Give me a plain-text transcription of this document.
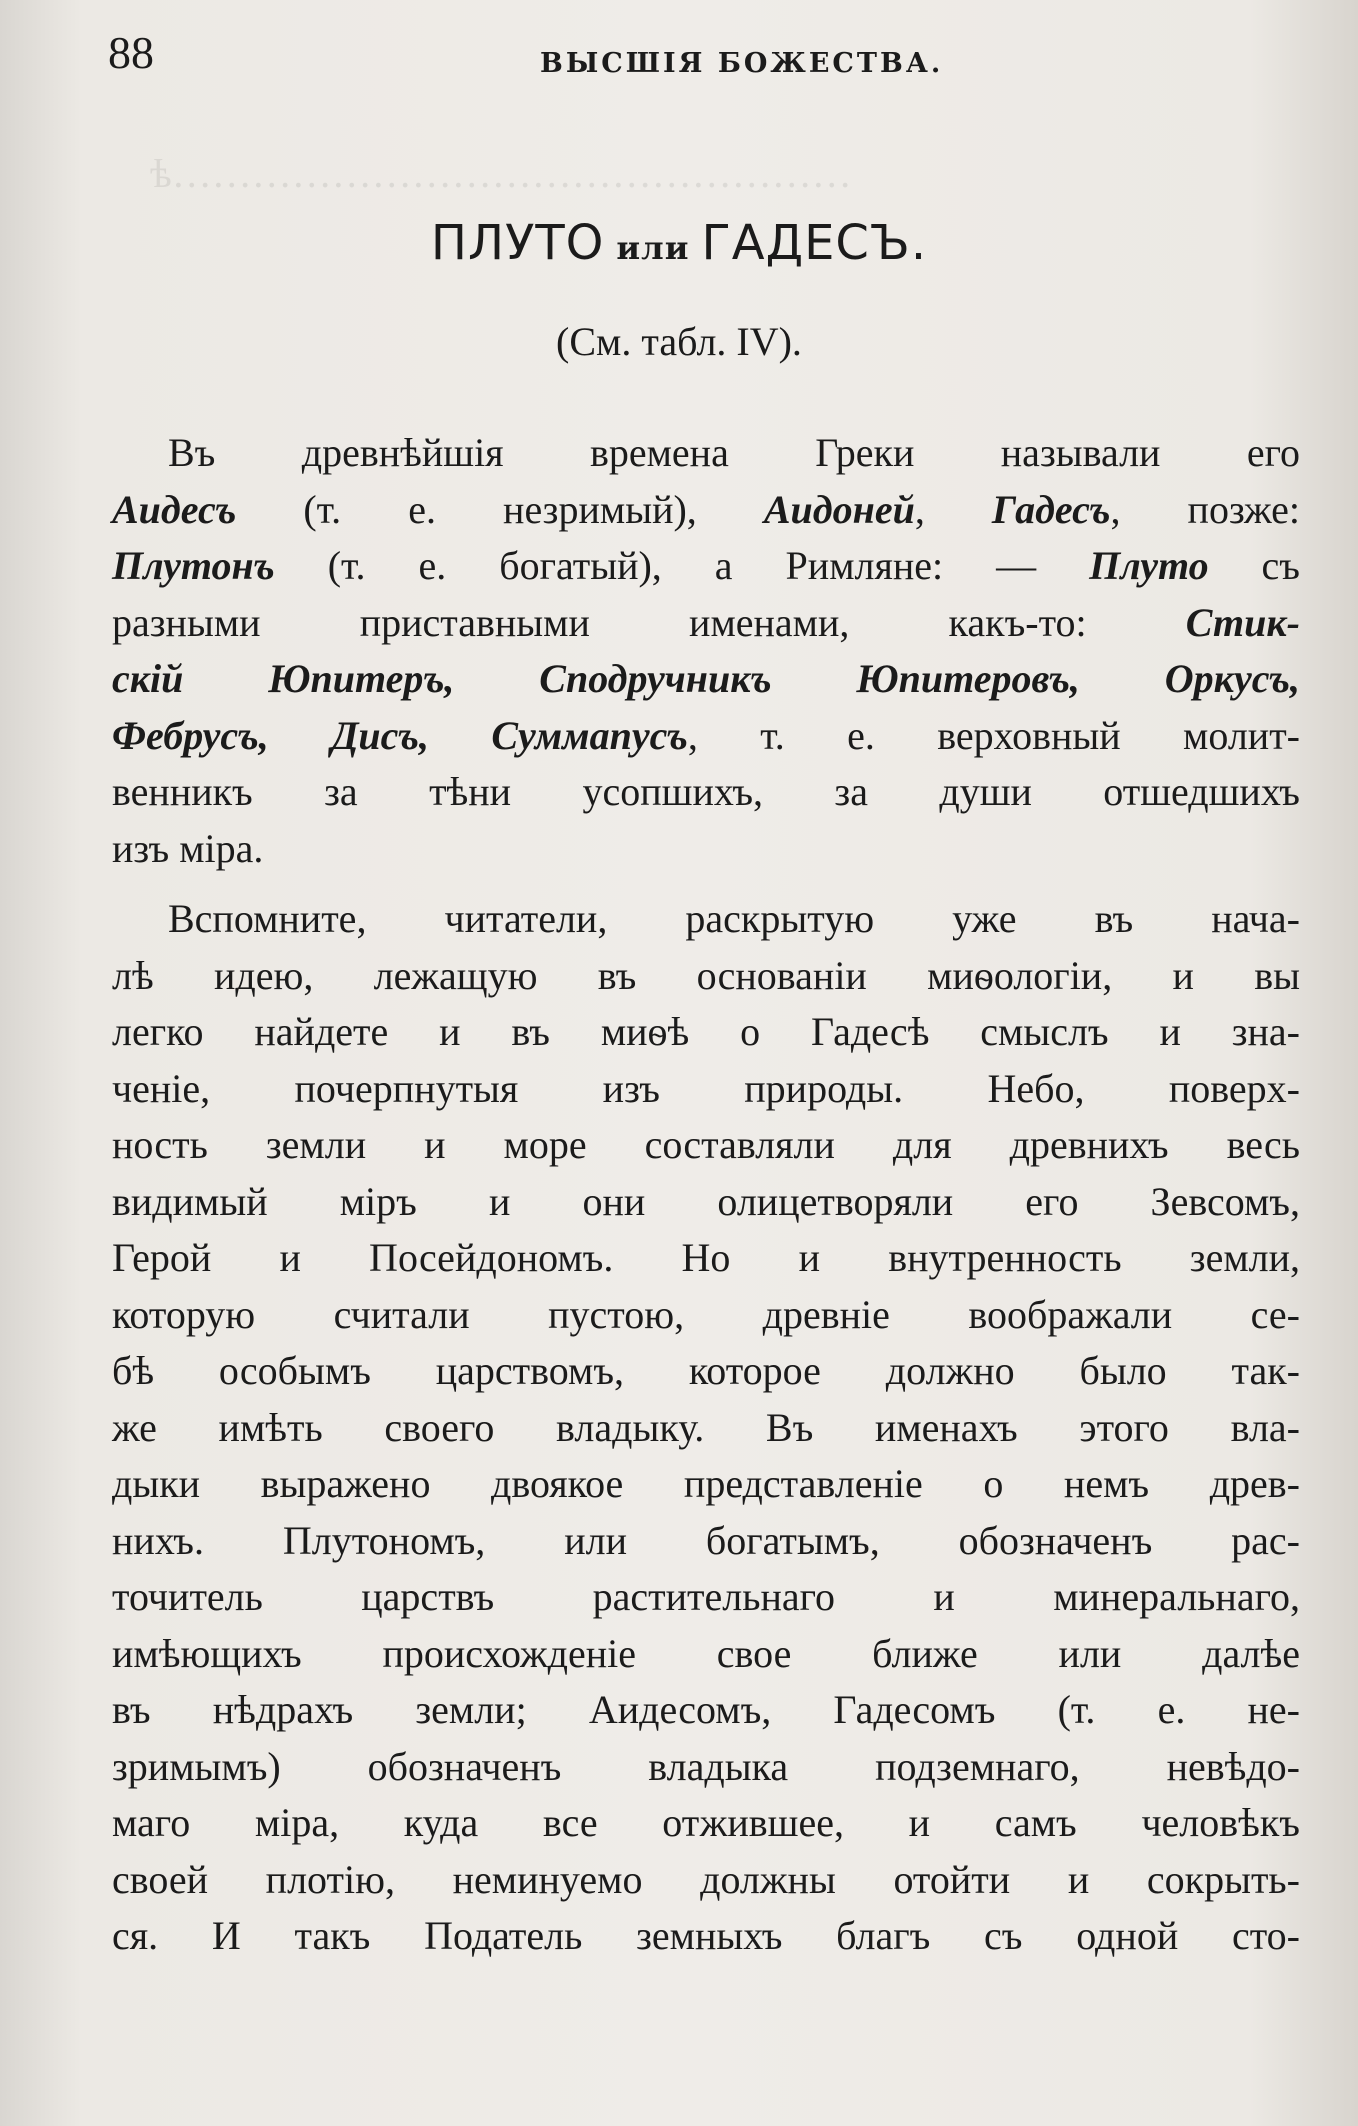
ѣ……………………………………………
88	ВЫСШІЯ БОЖЕСТВА.
ПЛУТО или ГАДЕСЪ.
(См. табл. IV).
Въ древнѣйшія времена Греки называли его
Аидесъ (т. е. незримый), Аидоней, Гадесъ, позже:
Плутонъ (т. е. богатый), а Римляне: — Плуто съ
разными приставными именами, какъ-то: Стик-
скій Юпитеръ, Сподручникъ Юпитеровъ, Оркусъ,
Фебрусъ, Дисъ, Суммапусъ, т. е. верховный молит-
венникъ за тѣни усопшихъ, за души отшедшихъ
изъ міра.
Вспомните, читатели, раскрытую уже въ нача-
лѣ идею, лежащую въ основаніи миѳологіи, и вы
легко найдете и въ миѳѣ о Гадесѣ смыслъ и зна-
ченіе, почерпнутыя изъ природы. Небо, поверх-
ность земли и море составляли для древнихъ весь
видимый міръ и они олицетворяли его Зевсомъ,
Герой и Посейдономъ. Но и внутренность земли,
которую считали пустою, древніе воображали се-
бѣ особымъ царствомъ, которое должно было так-
же имѣть своего владыку. Въ именахъ этого вла-
дыки выражено двоякое представленіе о немъ древ-
нихъ. Плутономъ, или богатымъ, обозначенъ рас-
точитель царствъ растительнаго и минеральнаго,
имѣющихъ происхожденіе свое ближе или далѣе
въ нѣдрахъ земли; Аидесомъ, Гадесомъ (т. е. не-
зримымъ) обозначенъ владыка подземнаго, невѣдо-
маго міра, куда все отжившее, и самъ человѣкъ
своей плотію, неминуемо должны отойти и сокрыть-
ся. И такъ Податель земныхъ благъ съ одной сто-
